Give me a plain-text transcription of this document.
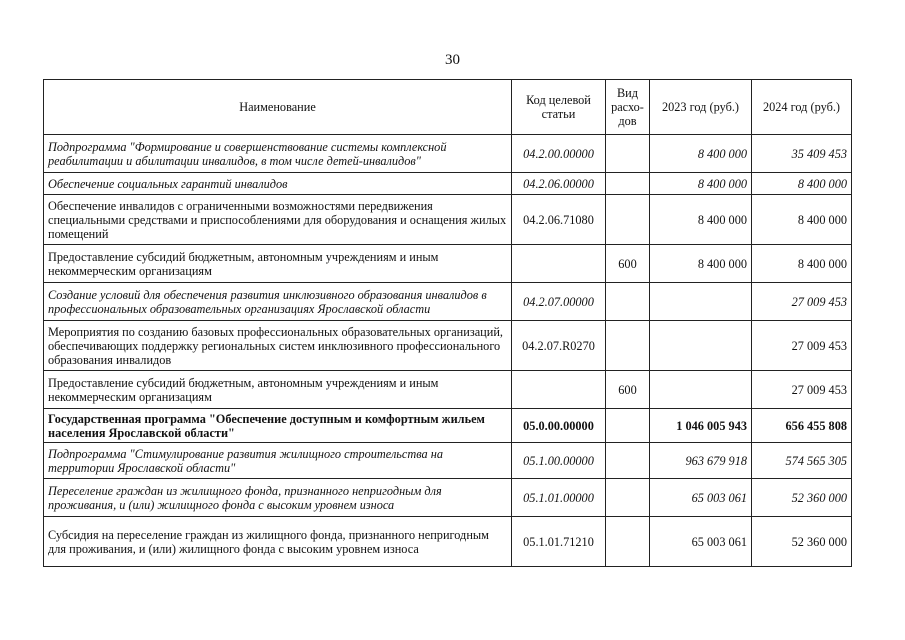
30
Наименование	Код целевой статьи	Вид расхо-дов	2023 год (руб.)	2024 год (руб.)
Подпрограмма "Формирование и совершенствование системы комплексной реабилитации и абилитации инвалидов, в том числе детей-инвалидов"	04.2.00.00000		8 400 000	35 409 453
Обеспечение социальных гарантий инвалидов	04.2.06.00000		8 400 000	8 400 000
Обеспечение инвалидов с ограниченными возможностями передвижения специальными средствами и приспособлениями для оборудования и оснащения жилых помещений	04.2.06.71080		8 400 000	8 400 000
Предоставление субсидий бюджетным, автономным учреждениям и иным некоммерческим организациям		600	8 400 000	8 400 000
Создание условий для обеспечения развития инклюзивного образования инвалидов в профессиональных образовательных организациях Ярославской области	04.2.07.00000			27 009 453
Мероприятия по созданию базовых профессиональных образовательных организаций, обеспечивающих поддержку региональных систем инклюзивного профессионального образования инвалидов	04.2.07.R0270			27 009 453
Предоставление субсидий бюджетным, автономным учреждениям и иным некоммерческим организациям		600		27 009 453
Государственная программа "Обеспечение доступным и комфортным жильем населения Ярославской области"	05.0.00.00000		1 046 005 943	656 455 808
Подпрограмма "Стимулирование развития жилищного строительства на территории Ярославской области"	05.1.00.00000		963 679 918	574 565 305
Переселение граждан из жилищного фонда, признанного непригодным для проживания, и (или) жилищного фонда с высоким уровнем износа	05.1.01.00000		65 003 061	52 360 000
Субсидия на переселение граждан из жилищного фонда, признанного непригодным для проживания, и (или) жилищного фонда с высоким уровнем износа	05.1.01.71210		65 003 061	52 360 000
